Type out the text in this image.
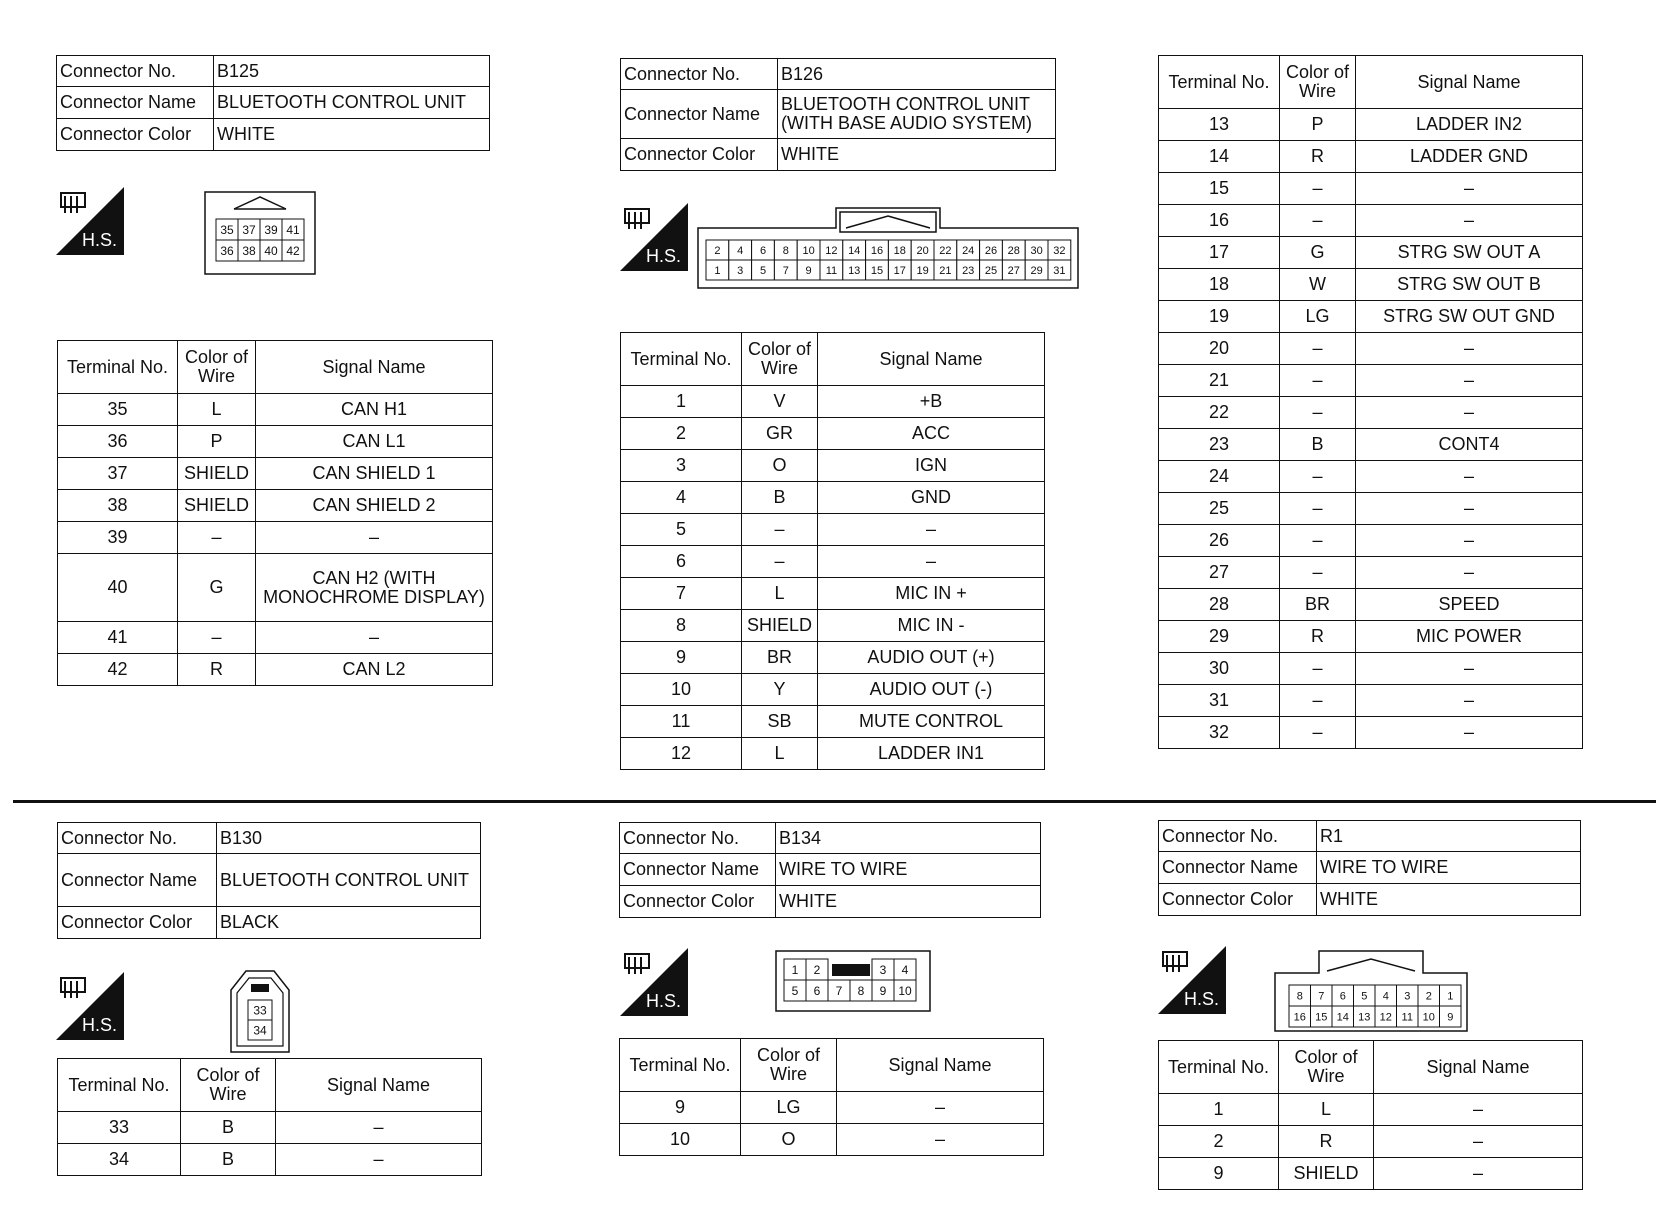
Connector No.	B125
Connector Name	BLUETOOTH CONTROL UNIT
Connector Color	WHITE
H.S.
35 37 39 41
36 38 40 42
Terminal No.	Color of Wire	Signal Name
35	L	CAN H1
36	P	CAN L1
37	SHIELD	CAN SHIELD 1
38	SHIELD	CAN SHIELD 2
39	–	–
40	G	CAN H2 (WITH MONOCHROME DISPLAY)
41	–	–
42	R	CAN L2
Connector No.	B126
Connector Name	BLUETOOTH CONTROL UNIT (WITH BASE AUDIO SYSTEM)
Connector Color	WHITE
H.S.	2 4 6 8 10 12 14 16 18 20 22 24 26 28 30 32
1 3 5 7 9 11 13 15 17 19 21 23 25 27 29 31
Terminal No.	Color of Wire	Signal Name
1	V	+B
2	GR	ACC
3	O	IGN
4	B	GND
5	–	–
6	–	–
7	L	MIC IN +
8	SHIELD	MIC IN -
9	BR	AUDIO OUT (+)
10	Y	AUDIO OUT (-)
11	SB	MUTE CONTROL
12	L	LADDER IN1
Terminal No.	Color of Wire	Signal Name
13	P	LADDER IN2
14	R	LADDER GND
15	–	–
16	–	–
17	G	STRG SW OUT A
18	W	STRG SW OUT B
19	LG	STRG SW OUT GND
20	–	–
21	–	–
22	–	–
23	B	CONT4
24	–	–
25	–	–
26	–	–
27	–	–
28	BR	SPEED
29	R	MIC POWER
30	–	–
31	–	–
32	–	–
Connector No.	B130
Connector Name	BLUETOOTH CONTROL UNIT
Connector Color	BLACK
H.S.
33
34
Terminal No.	Color of Wire	Signal Name
33	B	–
34	B	–
Connector No.	B134
Connector Name	WIRE TO WIRE
Connector Color	WHITE
H.S.
1 2	3 4
5 6 7 8 9 10
Terminal No.	Color of Wire	Signal Name
9	LG	–
10	O	–
Connector No.	R1
Connector Name	WIRE TO WIRE
Connector Color	WHITE
H.S.	8 7 6 5 4 3 2 1
16 15 14 13 12 11 10 9
Terminal No.	Color of Wire	Signal Name
1	L	–
2	R	–
9	SHIELD	–
